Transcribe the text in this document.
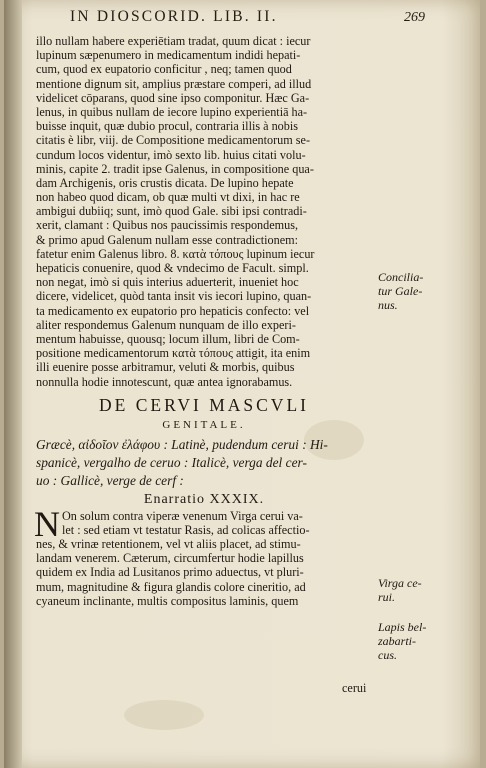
IN DIOSCORID. LIB. II.	269
illo nullam habere experiētiam tradat, quum dicat : iecur
lupinum sæpenumero in medicamentum indidi hepati-
cum, quod ex eupatorio conficitur , neq; tamen quod
mentione dignum sit, amplius præstare comperi, ad illud
videlicet cōparans, quod sine ipso componitur. Hæc Ga-
lenus, in quibus nullam de iecore lupino experientiā ha-
buisse inquit, quæ dubio procul, contraria illis à nobis
citatis è libr, viij. de Compositione medicamentorum se-
cundum locos videntur, imò sexto lib. huius citati volu-
minis, capite 2. tradit ipse Galenus, in compositione qua-
dam Archigenis, oris crustis dicata. De lupino hepate
non habeo quod dicam, ob quæ multi vt dixi, in hac re
ambigui dubiiq; sunt, imò quod Gale. sibi ipsi contradi-
xerit, clamant : Quibus nos paucissimis respondemus,
& primo apud Galenum nullam esse contradictionem:
fatetur enim Galenus libro. 8. κατὰ τόπους lupinum iecur
hepaticis conuenire, quod & vndecimo de Facult. simpl.
non negat, imò si quis interius aduerterit, inueniet hoc
dicere, videlicet, quòd tanta insit vis iecori lupino, quan-
ta medicamento ex eupatorio pro hepaticis confecto: vel
aliter respondemus Galenum nunquam de illo experi-
mentum habuisse, quousq; locum illum, libri de Com-
positione medicamentorum κατὰ τόπους attigit, ita enim
illi euenire posse arbitramur, veluti & morbis, quibus
nonnulla hodie innotescunt, quæ antea ignorabamus.
DE CERVI MASCVLI
GENITALE.
Græcè, αἰδοῖον ἐλάφου : Latinè, pudendum cerui : Hi-
spanicè, vergalho de ceruo : Italicè, verga del cer-
uo : Gallicè, verge de cerf :
Enarratio XXXIX.
N On solum contra viperæ venenum Virga cerui va-
let : sed etiam vt testatur Rasis, ad colicas affectio-
nes, & vrinæ retentionem, vel vt aliis placet, ad stimu-
landam venerem. Cæterum, circumfertur hodie lapillus
quidem ex India ad Lusitanos primo aduectus, vt pluri-
mum, magnitudine & figura glandis colore cineritio, ad
cyaneum inclinante, multis compositus laminis, quem
cerui
Concilia-
tur Gale-
nus.
Virga ce-
rui.
Lapis bel-
zabarti-
cus.
